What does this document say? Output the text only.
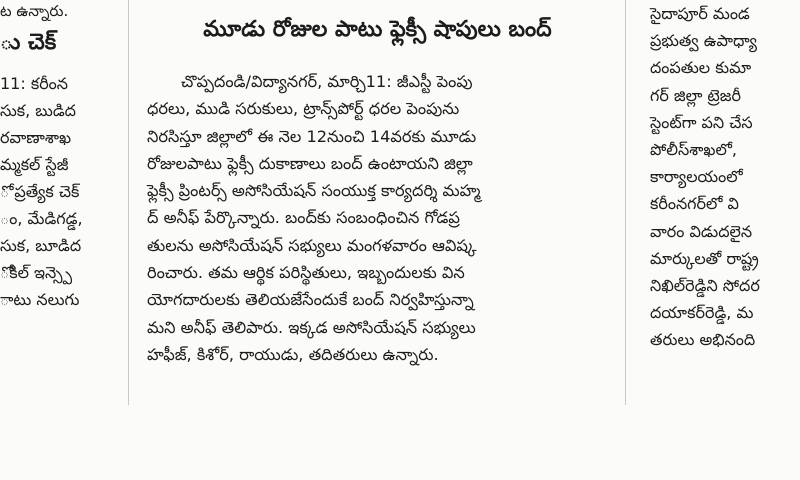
ట ఉన్నారు.
ు చెక్
11: కరీంన
సుక, బుడిద
రవాణాశాఖ
మ్మకల్ స్టేజీ
ో ప్రత్యేక చెక్
ం, మేడిగడ్డ,
సుక, బూడిద
ోకిల్ ఇన్స్పె
ాటు నలుగు
మూడు రోజుల పాటు ఫ్లెక్సీ షాపులు బంద్
చొప్పదండి/విద్యానగర్, మార్చి11: జీఎస్టీ పెంపు
ధరలు, ముడి సరుకులు, ట్రాన్స్‌పోర్ట్ ధరల పెంపును
నిరసిస్తూ జిల్లాలో ఈ నెల 12నుంచి 14వరకు మూడు
రోజులపాటు ఫ్లెక్సీ దుకాణాలు బంద్ ఉంటాయని జిల్లా
ఫ్లెక్సీ ప్రింటర్స్ అసోసియేషన్ సంయుక్త కార్యదర్శి మహ్మ
ద్ అనీఫ్ పేర్కొన్నారు. బంద్‌కు సంబంధించిన గోడప్ర
తులను అసోసియేషన్ సభ్యులు మంగళవారం ఆవిష్క
రించారు. తమ ఆర్థిక పరిస్థితులు, ఇబ్బందులకు విన
యోగదారులకు తెలియజేసేందుకే బంద్ నిర్వహిస్తున్నా
మని అనీఫ్ తెలిపారు. ఇక్కడ అసోసియేషన్ సభ్యులు
హఫీజ్, కిశోర్, రాయుడు, తదితరులు ఉన్నారు.
సైదాపూర్ మండ
ప్రభుత్వ ఉపాధ్యా
దంపతుల కుమా
గర్ జిల్లా ట్రెజరీ
స్టెంట్‌గా పని చేస
పోలీస్‌శాఖలో,
కార్యాలయంలో
కరీంనగర్‌లో వి
వారం విడుదలైన
మార్కులతో రాష్ట్ర
నిఖిల్‌రెడ్డిని సోదర
దయాకర్‌రెడ్డి, మ
తరులు అభినంది
